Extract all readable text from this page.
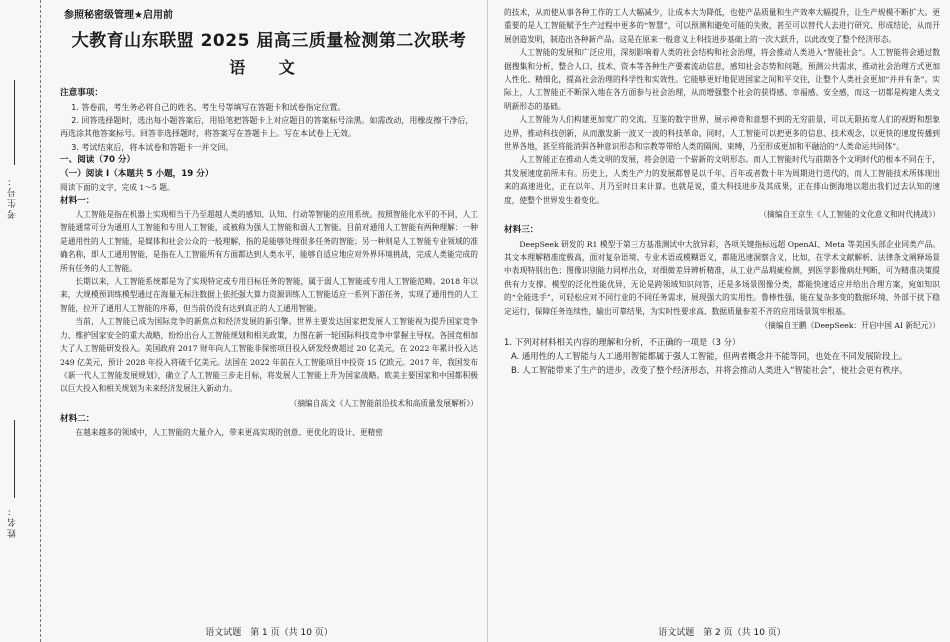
考生号：
姓名：
参照秘密级管理★启用前
大教育山东联盟 2025 届高三质量检测第二次联考
语 文

注意事项：

1. 答卷前，考生务必将自己的姓名、考生号等填写在答题卡和试卷指定位置。

2. 回答选择题时，选出每小题答案后，用铅笔把答题卡上对应题目的答案标号涂黑。如需改动，用橡皮擦干净后，再选涂其他答案标号。回答非选择题时，将答案写在答题卡上。写在本试卷上无效。

3. 考试结束后，将本试卷和答题卡一并交回。

一、阅读（70 分）

（一）阅读 I（本题共 5 小题，19 分）

阅读下面的文字，完成 1～5 题。

材料一：

人工智能是指在机器上实现相当于乃至超越人类的感知、认知、行动等智能的应用系统。按照智能化水平的不同，人工智能通常可分为通用人工智能和专用人工智能，或被称为强人工智能和弱人工智能。目前对通用人工智能有两种理解：一种是通用性的人工智能，是媒体和社会公众的一般理解，指的是能够处理很多任务的智能；另一种则是人工智能专业领域的准确名称，即人工通用智能，是指在人工智能所有方面都达到人类水平，能够自适应地应对外界环境挑战，完成人类能完成的所有任务的人工智能。

长期以来，人工智能系统都是为了实现特定或专用目标任务的智能，属于弱人工智能或专用人工智能范畴。2018 年以来，大规模预训练模型通过在海量无标注数据上依托强大算力资源训练人工智能适应一系列下游任务，实现了通用性的人工智能，拉开了通用人工智能的序幕，但当前仍没有达到真正的人工通用智能。

当前，人工智能已成为国际竞争的新焦点和经济发展的新引擎。世界主要发达国家把发展人工智能视为提升国家竞争力、维护国家安全的重大战略，纷纷出台人工智能规划和相关政策，力图在新一轮国际科技竞争中掌握主导权。各国竞相加大了人工智能研发投入。美国政府 2017 财年向人工智能非保密项目投入研发经费超过 20 亿美元，在 2022 年累计投入达 249 亿美元，预计 2028 年投入将破千亿美元。法国在 2022 年前在人工智能项目中投资 15 亿欧元。2017 年，我国发布《新一代人工智能发展规划》，确立了人工智能三步走目标，将发展人工智能上升为国家战略。欧美主要国家和中国都积极以巨大投入和相关规划为未来经济发展注入新动力。

（摘编自高文《人工智能前沿技术和高质量发展解析》）

材料二：

在越来越多的领域中，人工智能的大量介入，带来更高实现的创意、更优化的设计、更精密

语文试题　第 1 页（共 10 页）

的技术，从而使从事各种工作的工人大幅减少，让成本大为降低，也使产品质量和生产效率大幅提升，让生产规模不断扩大。更重要的是人工智能赋予生产过程中更多的“智慧”，可以预测和避免可能的失败，甚至可以替代人去进行研究、形成结论，从而开展创造发明，制造出各种新产品。这是在原来一般意义上科技进步基础上的一次大跃升，以此改变了整个经济形态。

人工智能的发展和广泛应用，深刻影响着人类的社会结构和社会治理，将会推动人类进入“智能社会”。人工智能将会通过数据搜集和分析，整合人口、技术、资本等各种生产要素流动信息，感知社会态势和问题，预测公共需求，推动社会治理方式更加人性化、精细化，提高社会治理的科学性和实效性。它能够更好地促进国家之间和平交往，让整个人类社会更加“并并有条”。实际上，人工智能正不断深入地在各方面参与社会治理，从而增强整个社会的获得感、幸福感、安全感，而这一切都是构建人类文明新形态的基础。

人工智能为人们构建更加宽广的交流、互鉴的数字世界，展示神奇和意想不到的无穷前景，可以无限拓宽人们的视野和想象边界，推动科技创新，从而激发新一波又一波的科技革命。同时，人工智能可以把更多的信息、技术观念，以更快的速度传播到世界各地，甚至将能消弭各种意识形态和宗教等带给人类的隔阂、束缚，乃至形成更加和平融洽的“人类命运共同体”。

人工智能正在推动人类文明的发展，将会创造一个崭新的文明形态。而人工智能时代与前期各个文明时代的根本不同在于，其发展速度前所未有。历史上，人类生产力的发展都曾是以千年、百年或者数十年为周期进行迭代的，而人工智能技术所体现出来的高速进化，正在以年、月乃至时日来计算。也就是说，重大科技进步及其成果，正在排山倒海地以超出我们过去认知的速度，使整个世界发生着变化。

（摘编自王京生《人工智能的文化意义和时代挑战》）

材料三：

DeepSeek 研发的 R1 模型于第三方基准测试中大放异彩，各项关键指标远超 OpenAI、Meta 等美国头部企业同类产品。其文本理解精准度极高，面对复杂语境、专业术语或模糊语义，都能迅速洞察含义，比如，在学术文献解析、法律条文阐释场景中表现特别出色；图像识别能力同样出众，对细微差异辨析精准，从工业产品瑕疵检测，到医学影像病灶判断，可为精准决策提供有力支撑。模型的泛化性能优异，无论是跨领域知识问答，还是多场景图像分类，都能快速适应并给出合理方案，宛如知识的“全能选手”，可轻松应对不同行业的不同任务需求，展现强大的实用性。鲁棒性强，能在复杂多变的数据环境、外部干扰下稳定运行，保障任务连续性，输出可靠结果，为实时性要求高、数据质量参差不齐的应用场景筑牢根基。

（摘编自王鹏《DeepSeek：开启中国 AI 新纪元》）

1. 下列对材料相关内容的理解和分析，不正确的一项是（3 分）

A. 通用性的人工智能与人工通用智能都属于强人工智能，但两者概念并不能等同，也处在不同发展阶段上。

B. 人工智能带来了生产的进步，改变了整个经济形态，并将会推动人类进入“智能社会”，使社会更有秩序。

语文试题　第 2 页（共 10 页）
